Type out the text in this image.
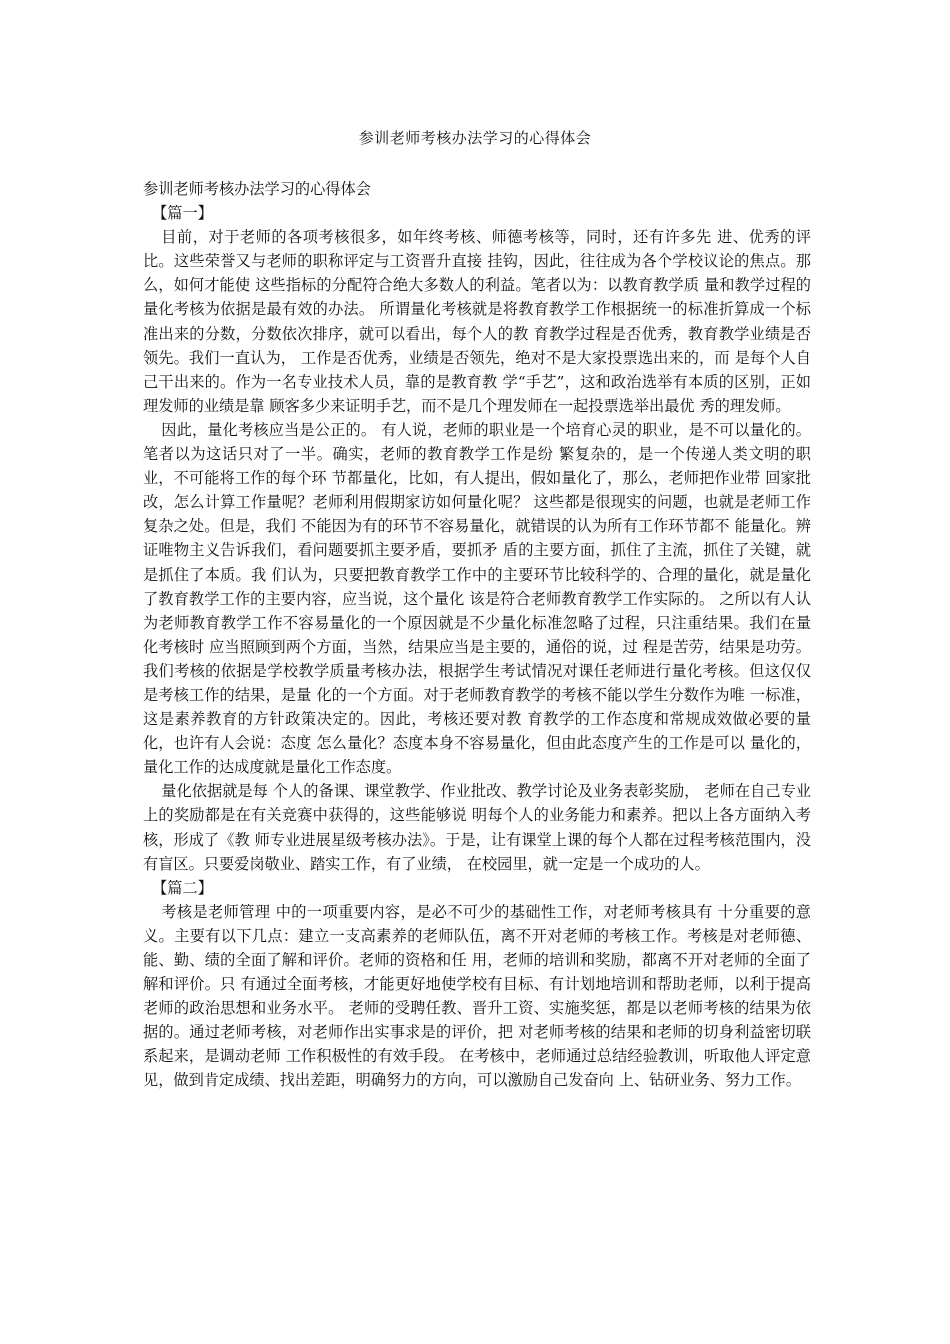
参训老师考核办法学习的心得体会

参训老师考核办法学习的心得体会

【篇一】

目前，对于老师的各项考核很多，如年终考核、师德考核等，同时，还有许多先 进、优秀的评比。这些荣誉又与老师的职称评定与工资晋升直接 挂钩，因此，往往成为各个学校议论的焦点。那么，如何才能使 这些指标的分配符合绝大多数人的利益。笔者以为：以教育教学质 量和教学过程的量化考核为依据是最有效的办法。 所谓量化考核就是将教育教学工作根据统一的标准折算成一个标准出来的分数，分数依次排序，就可以看出，每个人的教 育教学过程是否优秀，教育教学业绩是否领先。我们一直认为， 工作是否优秀，业绩是否领先，绝对不是大家投票选出来的，而 是每个人自己干出来的。作为一名专业技术人员，靠的是教育教 学“手艺”，这和政治选举有本质的区别，正如理发师的业绩是靠 顾客多少来证明手艺，而不是几个理发师在一起投票选举出最优 秀的理发师。

因此，量化考核应当是公正的。 有人说，老师的职业是一个培育心灵的职业，是不可以量化的。笔者以为这话只对了一半。确实，老师的教育教学工作是纷 繁复杂的，是一个传递人类文明的职业，不可能将工作的每个环 节都量化，比如，有人提出，假如量化了，那么，老师把作业带 回家批改，怎么计算工作量呢？老师利用假期家访如何量化呢？ 这些都是很现实的问题，也就是老师工作复杂之处。但是，我们 不能因为有的环节不容易量化，就错误的认为所有工作环节都不 能量化。辨证唯物主义告诉我们，看问题要抓主要矛盾，要抓矛 盾的主要方面，抓住了主流，抓住了关键，就是抓住了本质。我 们认为，只要把教育教学工作中的主要环节比较科学的、合理的量化，就是量化了教育教学工作的主要内容，应当说，这个量化 该是符合老师教育教学工作实际的。 之所以有人认为老师教育教学工作不容易量化的一个原因就是不少量化标准忽略了过程，只注重结果。我们在量化考核时 应当照顾到两个方面，当然，结果应当是主要的，通俗的说，过 程是苦劳，结果是功劳。 我们考核的依据是学校教学质量考核办法，根据学生考试情况对课任老师进行量化考核。但这仅仅是考核工作的结果，是量 化的一个方面。对于老师教育教学的考核不能以学生分数作为唯 一标准，这是素养教育的方针政策决定的。因此，考核还要对教 育教学的工作态度和常规成效做必要的量化，也许有人会说：态度 怎么量化？态度本身不容易量化，但由此态度产生的工作是可以 量化的，量化工作的达成度就是量化工作态度。

量化依据就是每 个人的备课、课堂教学、作业批改、教学讨论及业务表彰奖励， 老师在自己专业上的奖励都是在有关竞赛中获得的，这些能够说 明每个人的业务能力和素养。把以上各方面纳入考核，形成了《教 师专业进展星级考核办法》。于是，让有课堂上课的每个人都在过程考核范围内，没有盲区。只要爱岗敬业、踏实工作，有了业绩， 在校园里，就一定是一个成功的人。

【篇二】

考核是老师管理 中的一项重要内容，是必不可少的基础性工作，对老师考核具有 十分重要的意义。主要有以下几点：建立一支高素养的老师队伍，离不开对老师的考核工作。考核是对老师德、能、勤、绩的全面了解和评价。老师的资格和任 用，老师的培训和奖励，都离不开对老师的全面了解和评价。只 有通过全面考核，才能更好地使学校有目标、有计划地培训和帮助老师，以利于提高老师的政治思想和业务水平。 老师的受聘任教、晋升工资、实施奖惩，都是以老师考核的结果为依据的。通过老师考核，对老师作出实事求是的评价，把 对老师考核的结果和老师的切身利益密切联系起来，是调动老师 工作积极性的有效手段。 在考核中，老师通过总结经验教训，听取他人评定意见，做到肯定成绩、找出差距，明确努力的方向，可以激励自己发奋向 上、钻研业务、努力工作。
